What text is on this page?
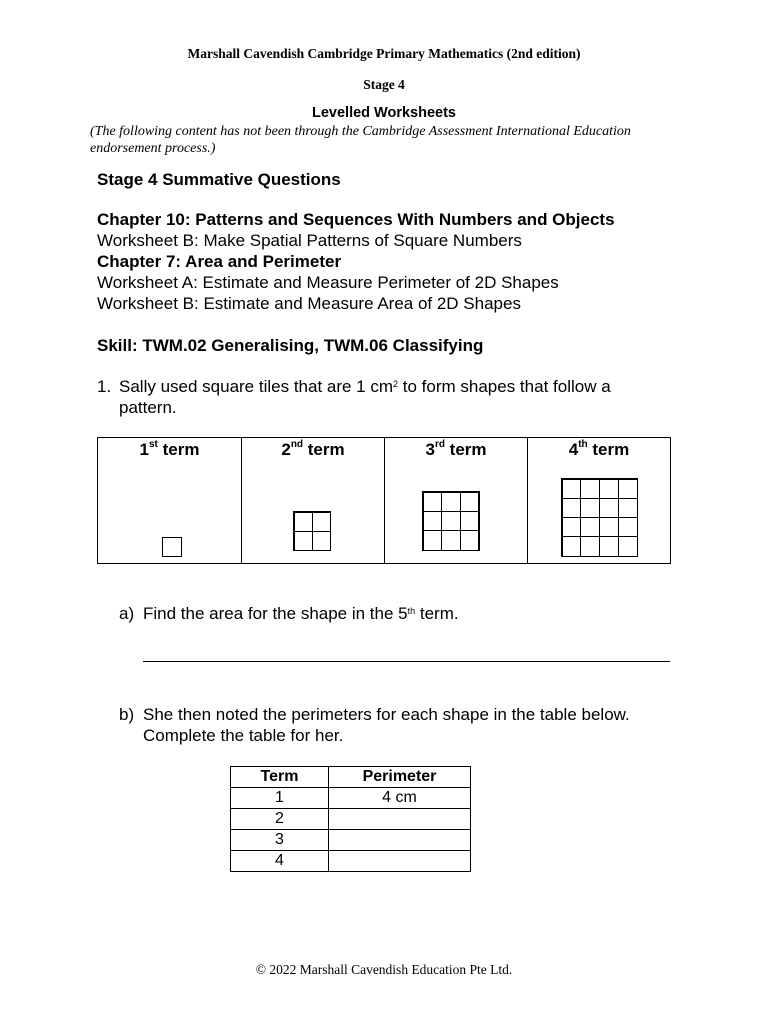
Marshall Cavendish Cambridge Primary Mathematics (2nd edition)
Stage 4
Levelled Worksheets
(The following content has not been through the Cambridge Assessment International Education
endorsement process.)
Stage 4 Summative Questions
Chapter 10: Patterns and Sequences With Numbers and Objects
Worksheet B: Make Spatial Patterns of Square Numbers
Chapter 7: Area and Perimeter
Worksheet A: Estimate and Measure Perimeter of 2D Shapes
Worksheet B: Estimate and Measure Area of 2D Shapes
Skill: TWM.02 Generalising, TWM.06 Classifying
1. Sally used square tiles that are 1 $cm^2$ to form shapes that follow a
pattern.
1st term	2nd term	3rd term	4th term
a) Find the area for the shape in the 5th term.
b) She then noted the perimeters for each shape in the table below.
Complete the table for her.
Term	Perimeter
1	4 cm
2	
3	
4	
© 2022 Marshall Cavendish Education Pte Ltd.
